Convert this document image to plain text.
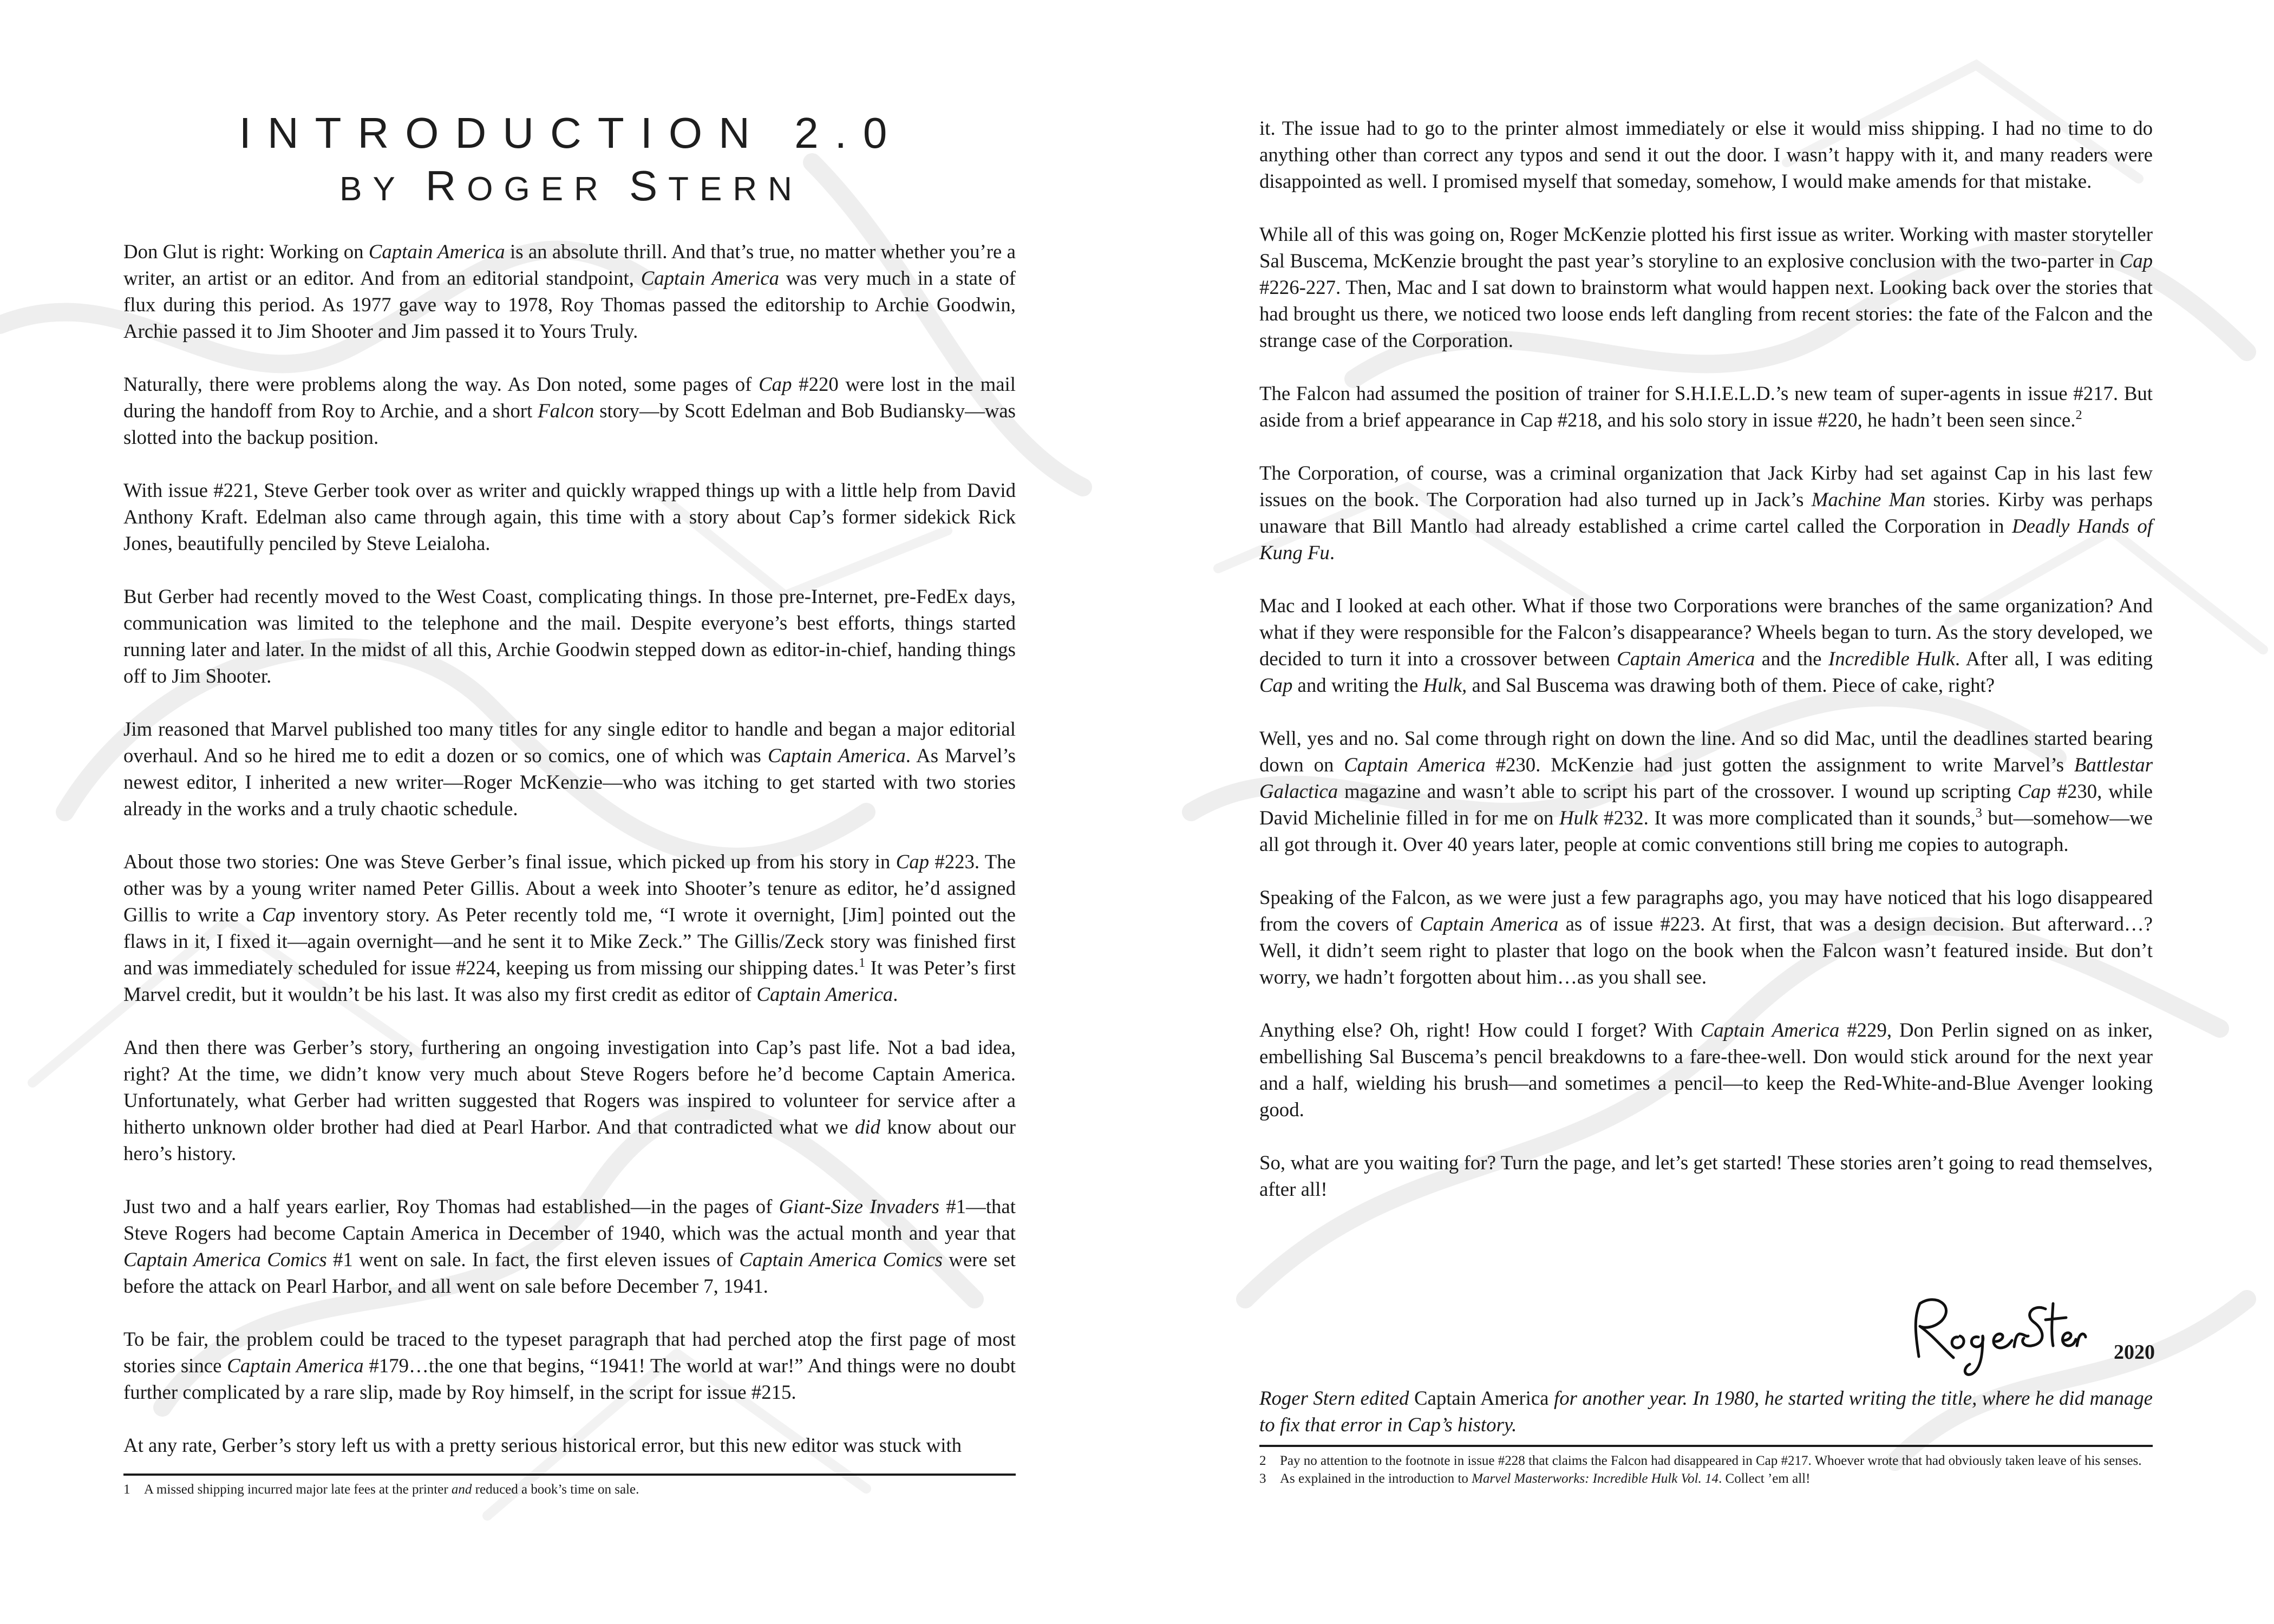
INTRODUCTION 2.0
BY ROGER STERN

Don Glut is right: Working on Captain America is an absolute thrill. And that’s true, no matter whether you’re a writer, an artist or an editor. And from an editorial standpoint, Captain America was very much in a state of flux during this period. As 1977 gave way to 1978, Roy Thomas passed the editorship to Archie Goodwin, Archie passed it to Jim Shooter and Jim passed it to Yours Truly.

Naturally, there were problems along the way. As Don noted, some pages of Cap #220 were lost in the mail during the handoff from Roy to Archie, and a short Falcon story—by Scott Edelman and Bob Budiansky—was slotted into the backup position.

With issue #221, Steve Gerber took over as writer and quickly wrapped things up with a little help from David Anthony Kraft. Edelman also came through again, this time with a story about Cap’s former sidekick Rick Jones, beautifully penciled by Steve Leialoha.

But Gerber had recently moved to the West Coast, complicating things. In those pre-Internet, pre-FedEx days, communication was limited to the telephone and the mail. Despite everyone’s best efforts, things started running later and later. In the midst of all this, Archie Goodwin stepped down as editor-in-chief, handing things off to Jim Shooter.

Jim reasoned that Marvel published too many titles for any single editor to handle and began a major editorial overhaul. And so he hired me to edit a dozen or so comics, one of which was Captain America. As Marvel’s newest editor, I inherited a new writer—Roger McKenzie—who was itching to get started with two stories already in the works and a truly chaotic schedule.

About those two stories: One was Steve Gerber’s final issue, which picked up from his story in Cap #223. The other was by a young writer named Peter Gillis. About a week into Shooter’s tenure as editor, he’d assigned Gillis to write a Cap inventory story. As Peter recently told me, “I wrote it overnight, [Jim] pointed out the flaws in it, I fixed it—again overnight—and he sent it to Mike Zeck.” The Gillis/Zeck story was finished first and was immediately scheduled for issue #224, keeping us from missing our shipping dates.$^1$ It was Peter’s first Marvel credit, but it wouldn’t be his last. It was also my first credit as editor of Captain America.

And then there was Gerber’s story, furthering an ongoing investigation into Cap’s past life. Not a bad idea, right? At the time, we didn’t know very much about Steve Rogers before he’d become Captain America. Unfortunately, what Gerber had written suggested that Rogers was inspired to volunteer for service after a hitherto unknown older brother had died at Pearl Harbor. And that contradicted what we did know about our hero’s history.

Just two and a half years earlier, Roy Thomas had established—in the pages of Giant-Size Invaders #1—that Steve Rogers had become Captain America in December of 1940, which was the actual month and year that Captain America Comics #1 went on sale. In fact, the first eleven issues of Captain America Comics were set before the attack on Pearl Harbor, and all went on sale before December 7, 1941.

To be fair, the problem could be traced to the typeset paragraph that had perched atop the first page of most stories since Captain America #179…the one that begins, “1941! The world at war!” And things were no doubt further complicated by a rare slip, made by Roy himself, in the script for issue #215.

At any rate, Gerber’s story left us with a pretty serious historical error, but this new editor was stuck with

1	A missed shipping incurred major late fees at the printer and reduced a book’s time on sale.

it. The issue had to go to the printer almost immediately or else it would miss shipping. I had no time to do anything other than correct any typos and send it out the door. I wasn’t happy with it, and many readers were disappointed as well. I promised myself that someday, somehow, I would make amends for that mistake.

While all of this was going on, Roger McKenzie plotted his first issue as writer. Working with master storyteller Sal Buscema, McKenzie brought the past year’s storyline to an explosive conclusion with the two-parter in Cap #226-227. Then, Mac and I sat down to brainstorm what would happen next. Looking back over the stories that had brought us there, we noticed two loose ends left dangling from recent stories: the fate of the Falcon and the strange case of the Corporation.

The Falcon had assumed the position of trainer for S.H.I.E.L.D.’s new team of super-agents in issue #217. But aside from a brief appearance in Cap #218, and his solo story in issue #220, he hadn’t been seen since.$^2$

The Corporation, of course, was a criminal organization that Jack Kirby had set against Cap in his last few issues on the book. The Corporation had also turned up in Jack’s Machine Man stories. Kirby was perhaps unaware that Bill Mantlo had already established a crime cartel called the Corporation in Deadly Hands of Kung Fu.

Mac and I looked at each other. What if those two Corporations were branches of the same organization? And what if they were responsible for the Falcon’s disappearance? Wheels began to turn. As the story developed, we decided to turn it into a crossover between Captain America and the Incredible Hulk. After all, I was editing Cap and writing the Hulk, and Sal Buscema was drawing both of them. Piece of cake, right?

Well, yes and no. Sal come through right on down the line. And so did Mac, until the deadlines started bearing down on Captain America #230. McKenzie had just gotten the assignment to write Marvel’s Battlestar Galactica magazine and wasn’t able to script his part of the crossover. I wound up scripting Cap #230, while David Michelinie filled in for me on Hulk #232. It was more complicated than it sounds,$^3$ but—somehow—we all got through it. Over 40 years later, people at comic conventions still bring me copies to autograph.

Speaking of the Falcon, as we were just a few paragraphs ago, you may have noticed that his logo disappeared from the covers of Captain America as of issue #223. At first, that was a design decision. But afterward…? Well, it didn’t seem right to plaster that logo on the book when the Falcon wasn’t featured inside. But don’t worry, we hadn’t forgotten about him…as you shall see.

Anything else? Oh, right! How could I forget? With Captain America #229, Don Perlin signed on as inker, embellishing Sal Buscema’s pencil breakdowns to a fare-thee-well. Don would stick around for the next year and a half, wielding his brush—and sometimes a pencil—to keep the Red-White-and-Blue Avenger looking good.

So, what are you waiting for? Turn the page, and let’s get started! These stories aren’t going to read themselves, after all!

Roger Stern
2020
Roger Stern edited Captain America for another year. In 1980, he started writing the title, where he did manage to fix that error in Cap’s history.
2	Pay no attention to the footnote in issue #228 that claims the Falcon had disappeared in Cap #217. Whoever wrote that had obviously taken leave of his senses.
3	As explained in the introduction to Marvel Masterworks: Incredible Hulk Vol. 14. Collect ’em all!
